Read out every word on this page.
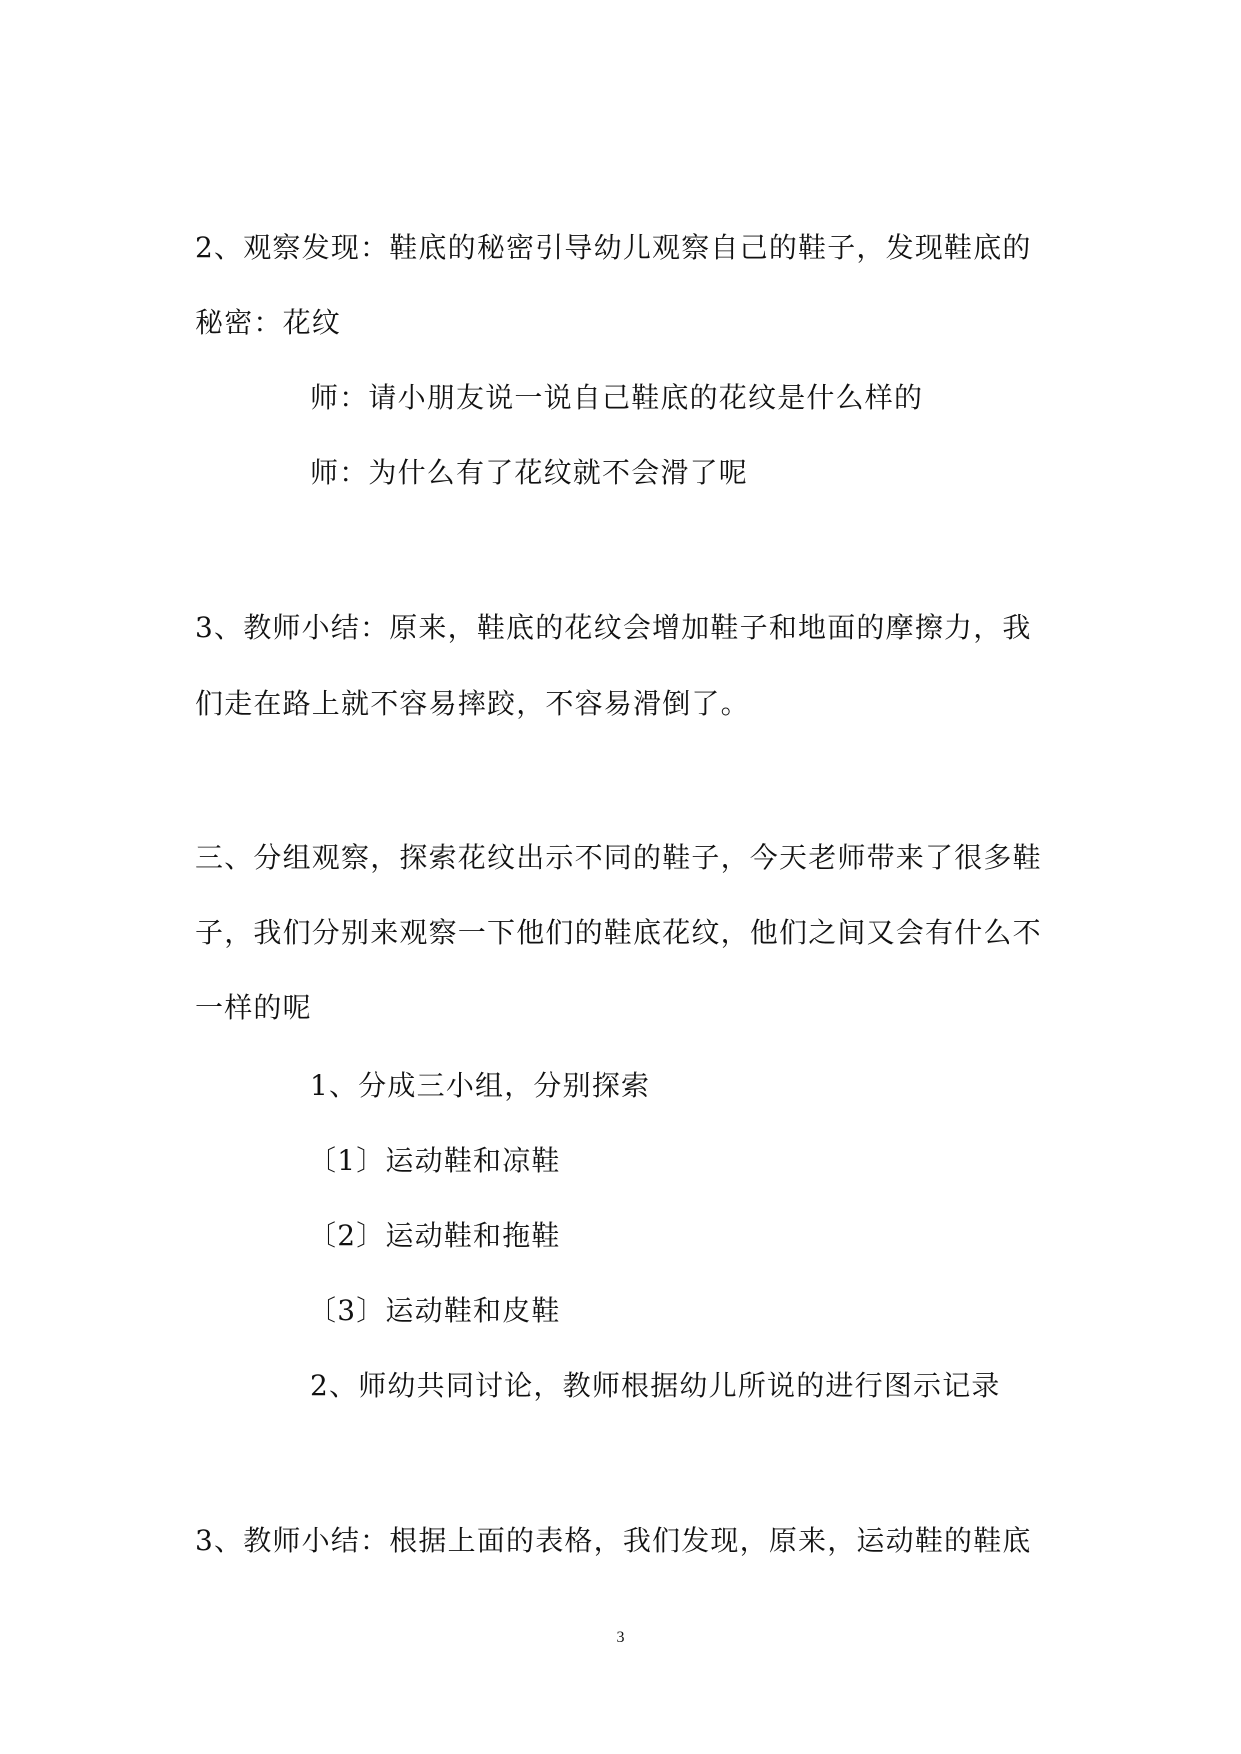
2、观察发现：鞋底的秘密引导幼儿观察自己的鞋子，发现鞋底的
秘密：花纹
师：请小朋友说一说自己鞋底的花纹是什么样的
师：为什么有了花纹就不会滑了呢
3、教师小结：原来，鞋底的花纹会增加鞋子和地面的摩擦力，我
们走在路上就不容易摔跤，不容易滑倒了。
三、分组观察，探索花纹出示不同的鞋子，今天老师带来了很多鞋
子，我们分别来观察一下他们的鞋底花纹，他们之间又会有什么不
一样的呢
1、分成三小组，分别探索
〔1〕运动鞋和凉鞋
〔2〕运动鞋和拖鞋
〔3〕运动鞋和皮鞋
2、师幼共同讨论，教师根据幼儿所说的进行图示记录
3、教师小结：根据上面的表格，我们发现，原来，运动鞋的鞋底
3
